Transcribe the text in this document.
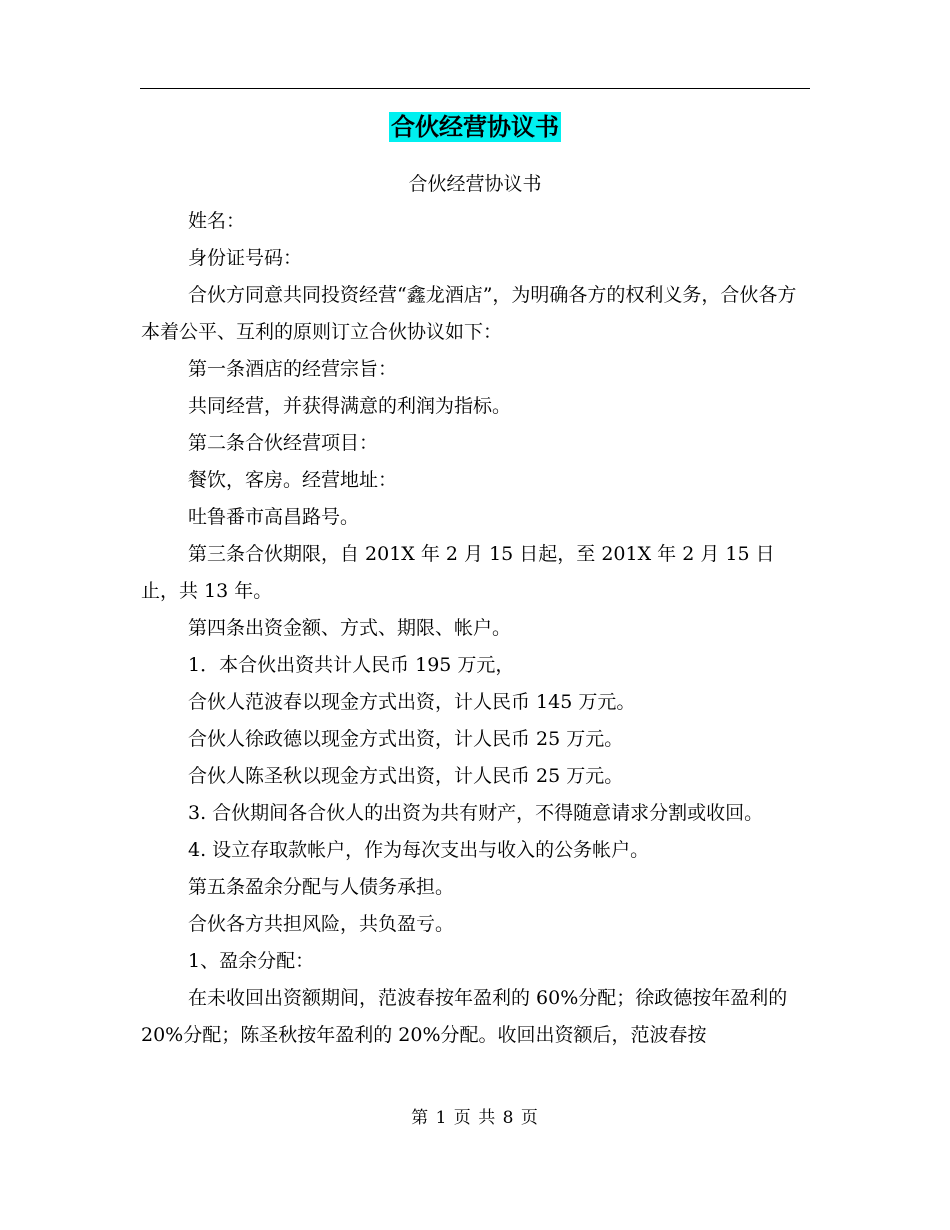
合伙经营协议书
合伙经营协议书

姓名：

身份证号码：

合伙方同意共同投资经营“鑫龙酒店”，为明确各方的权利义务，合伙各方本着公平、互利的原则订立合伙协议如下：

第一条酒店的经营宗旨：

共同经营，并获得满意的利润为指标。

第二条合伙经营项目：

餐饮，客房。经营地址：

吐鲁番市高昌路号。

第三条合伙期限，自 201X 年 2 月 15 日起，至 201X 年 2 月 15 日止，共 13 年。

第四条出资金额、方式、期限、帐户。

1．本合伙出资共计人民币 195 万元，

合伙人范波春以现金方式出资，计人民币 145 万元。

合伙人徐政德以现金方式出资，计人民币 25 万元。

合伙人陈圣秋以现金方式出资，计人民币 25 万元。

3. 合伙期间各合伙人的出资为共有财产，不得随意请求分割或收回。

4. 设立存取款帐户，作为每次支出与收入的公务帐户。

第五条盈余分配与人债务承担。

合伙各方共担风险，共负盈亏。

1、盈余分配：

在未收回出资额期间，范波春按年盈利的 60%分配；徐政德按年盈利的 20%分配；陈圣秋按年盈利的 20%分配。收回出资额后，范波春按

第 1 页 共 8 页
